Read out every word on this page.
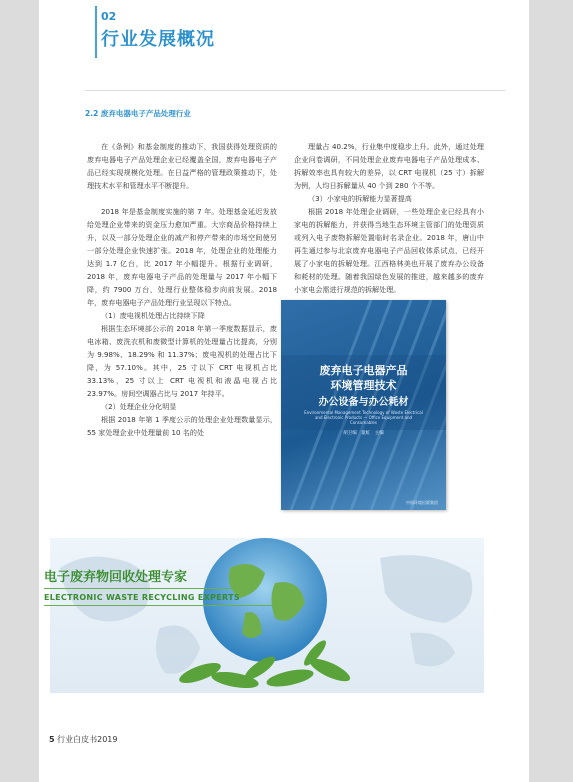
02
行业发展概况
2.2 废弃电器电子产品处理行业

在《条例》和基金制度的推动下，我国获得处理资质的废弃电器电子产品处理企业已经覆盖全国，废弃电器电子产品已经实现规模化处理。在日益严格的管理政策推动下，处理技术水平和管理水平不断提升。

2018 年是基金制度实施的第 7 年。处理基金延迟发放给处理企业带来的资金压力愈加严重。大宗商品价格持续上升，以及一部分处理企业的减产和停产带来的市场空间使另一部分处理企业快速扩张。2018 年，处理企业的处理能力达到 1.7 亿台，比 2017 年小幅提升。根据行业调研，2018 年，废弃电器电子产品的处理量与 2017 年小幅下降，约 7900 万台，处理行业整体稳步向前发展。2018 年，废弃电器电子产品处理行业呈现以下特点。

（1）废电视机处理占比持续下降

根据生态环境部公示的 2018 年第一季度数据显示，废电冰箱、废洗衣机和废微型计算机的处理量占比提高，分别为 9.98%、18.29% 和 11.37%；废电视机的处理占比下降，为 57.10%。其中，25 寸以下 CRT 电视机占比 33.13%，25 寸以上 CRT 电视机和液晶电视占比 23.97%。房间空调器占比与 2017 年持平。

（2）处理企业分化明显

根据 2018 年第 1 季度公示的处理企业处理数量显示，55 家处理企业中处理量前 10 名的处

理量占 40.2%，行业集中度稳步上升。此外，通过处理企业问卷调研，不同处理企业废弃电器电子产品处理成本、拆解效率也具有较大的差异，以 CRT 电视机（25 寸）拆解为例，人均日拆解量从 40 个到 280 个不等。

（3）小家电的拆解能力显著提高

根据 2018 年处理企业调研，一些处理企业已经具有小家电的拆解能力，并获得当地生态环境主管部门的处理资质或列入电子废物拆解处置临时名录企业。2018 年，唐山中再生通过参与北京废弃电器电子产品回收体系试点，已经开展了小家电的拆解处理。江西格林美也开展了废弃办公设备和耗材的处理。随着我国绿色发展的推进，越来越多的废弃小家电会需进行规范的拆解处理。

废弃电子电器产品
环境管理技术
办公设备与办公耗材
Environmental Management Technology of Waste Electrical and Electronic Products — Office Equipment and Consumables
胡卫编　童虹　主编
中国环境出版集团
电子废弃物回收处理专家
ELECTRONIC WASTE RECYCLING EXPERTS
5 行业白皮书2019
